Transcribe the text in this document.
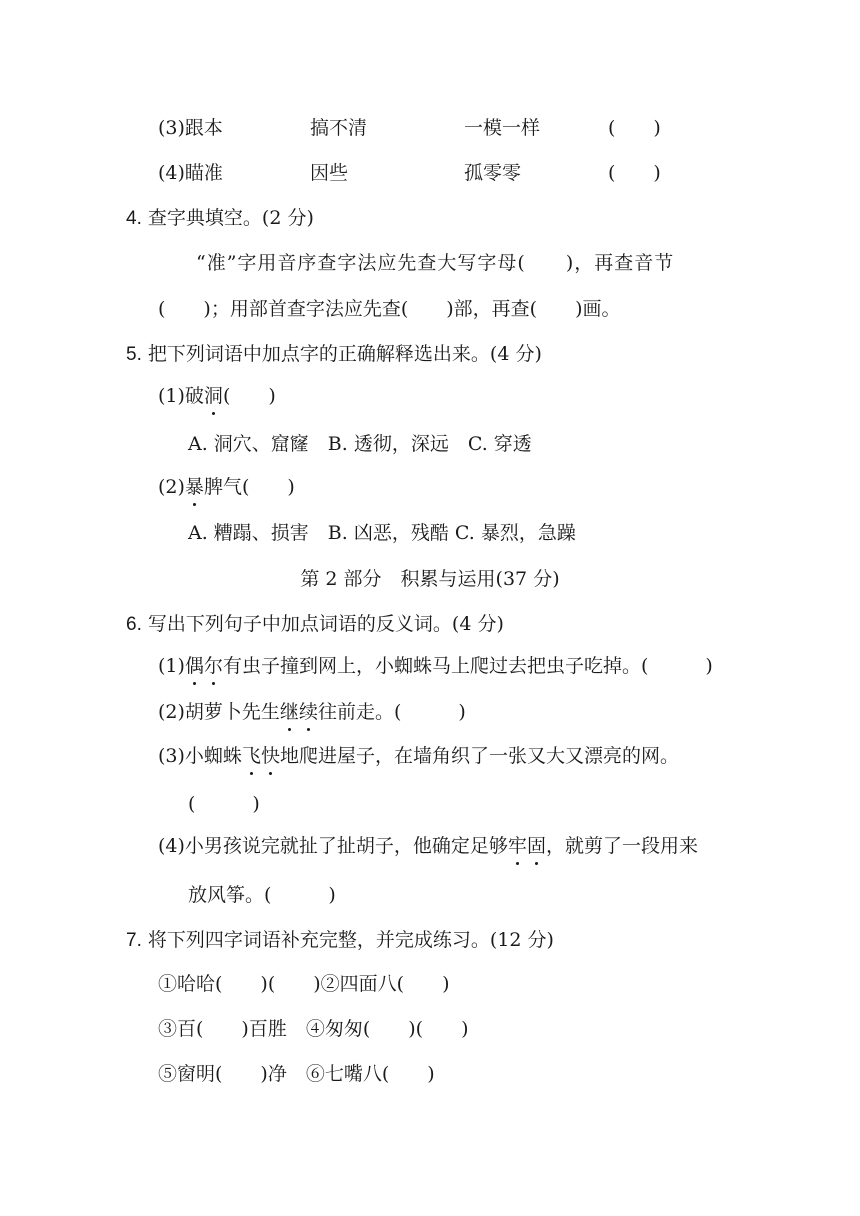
(3)跟本	搞不清	一模一样	(　　)
(4)瞄准	因些	孤零零	(　　)
4. 查字典填空。(2 分)
“准”字用音序查字法应先查大写字母(　　)，再查音节
(　　)；用部首查字法应先查(　　)部，再查(　　)画。
5. 把下列词语中加点字的正确解释选出来。(4 分)
(1)破洞(　　)
A. 洞穴、窟窿　B. 透彻，深远　C. 穿透
(2)暴脾气(　　)
A. 糟蹋、损害　B. 凶恶，残酷 C. 暴烈，急躁
第 2 部分　积累与运用(37 分)
6. 写出下列句子中加点词语的反义词。(4 分)
(1)偶尔有虫子撞到网上，小蜘蛛马上爬过去把虫子吃掉。(　　　)
(2)胡萝卜先生继续往前走。(　　　)
(3)小蜘蛛飞快地爬进屋子，在墙角织了一张又大又漂亮的网。
(　　　)
(4)小男孩说完就扯了扯胡子，他确定足够牢固，就剪了一段用来
放风筝。(　　　)
7. 将下列四字词语补充完整，并完成练习。(12 分)
①哈哈(　　)(　　)②四面八(　　)
③百(　　)百胜　④匆匆(　　)(　　)
⑤窗明(　　)净　⑥七嘴八(　　)
